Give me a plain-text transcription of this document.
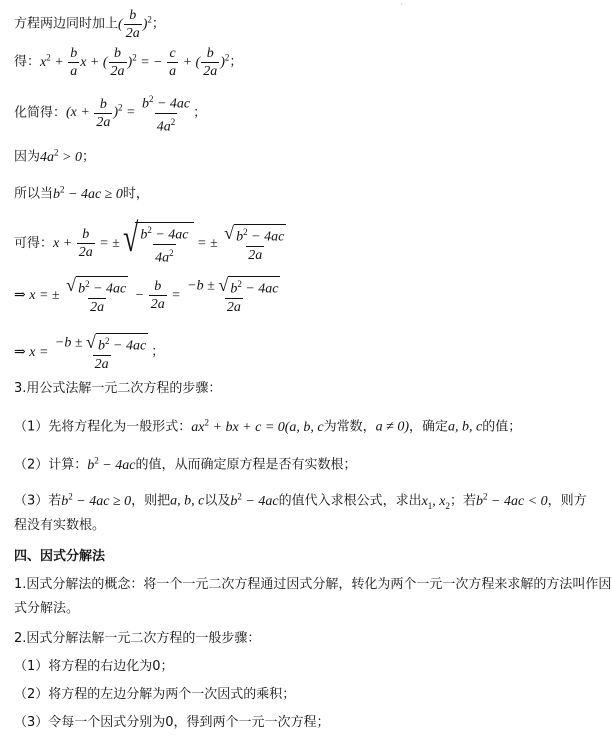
·
方程两边同时加上( $\frac{b}{2a} )^2$；
得：$x^2 + \frac{b}{a}$ x + ( $\frac{b}{2a} )^2$ = − $\frac{c}{a}$ + ( $\frac{b}{2a} )^2$；
化简得：$(x + \frac{b}{2a} )^2 = \frac{b^2 - 4ac}{4a^2}$ ；
因为$4a^2 > 0$；
所以当$b^2 - 4ac \ge 0$时，
可得：$x + \frac{b}{2a}$ = ± √ $\frac{b^2 - 4ac}{4a^2}$ = ± $\frac{√ b^2 - 4ac}{2a}$
⇒ x = ± $\frac{√ b^2 - 4ac}{2a} - \frac{b}{2a} = \frac{-b \pm √ b^2 - 4ac}{2a}$
⇒ $x = \frac{-b \pm √ b^2 - 4ac}{2a}$ ；
3.用公式法解一元二次方程的步骤：
（1）先将方程化为一般形式：$ax^2$ + bx + c = 0(a, b, c为常数，a ≠ 0)，确定a, b, c的值；
（2）计算：$b^2 - 4ac$的值，从而确定原方程是否有实数根；
（3）若$b^2 - 4ac \ge 0$，则把a, b, c以及$b^2 - 4ac$的值代入求根公式，求出$x_1$, $x_2$；若$b^2 - 4ac < 0$，则方
程没有实数根。
四、因式分解法
1.因式分解法的概念：将一个一元二次方程通过因式分解，转化为两个一元一次方程来求解的方法叫作因
式分解法。
2.因式分解法解一元二次方程的一般步骤：
（1）将方程的右边化为0；
（2）将方程的左边分解为两个一次因式的乘积；
（3）令每一个因式分别为0，得到两个一元一次方程；
